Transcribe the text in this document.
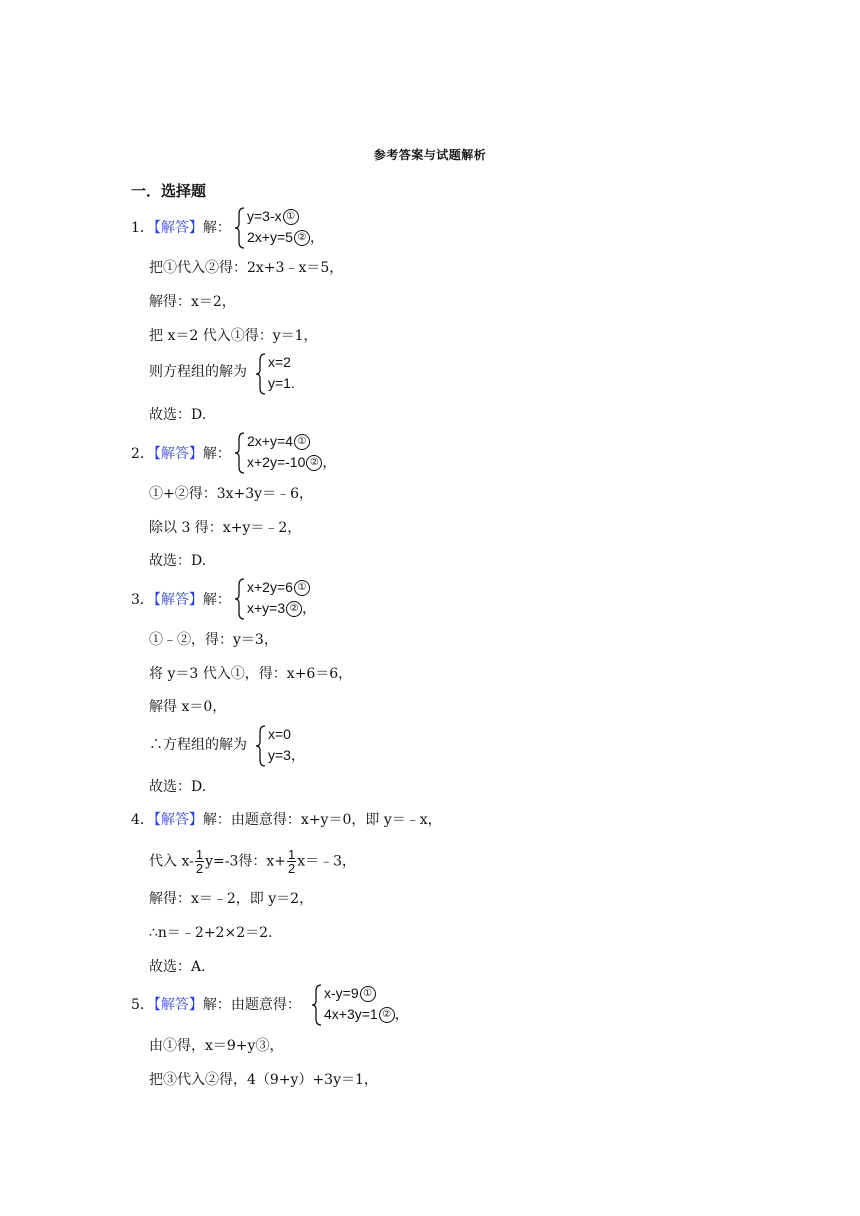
参考答案与试题解析
一．选择题
1．【解答】解：
y=3-x ①
2x+y=5 ② ，
把①代入②得：2x+3﹣x＝5，
解得：x＝2，
把 x＝2 代入①得：y＝1，
则方程组的解为
x=2
y=1.
故选：D.
2．【解答】解：
2x+y=4 ①
x+2y=-10 ② ，
①+②得：3x+3y＝﹣6，
除以 3 得：x+y＝﹣2，
故选：D.
3．【解答】解：
x+2y=6 ①
x+y=3 ② ，
①﹣②，得：y＝3，
将 y＝3 代入①，得：x+6＝6，
解得 x＝0，
∴方程组的解为
x=0
y=3，
故选：D.
4．【解答】解：由题意得：x+y＝0，即 y＝﹣x，
代入 $x- \frac{1}{2} y=-3$得：$x+ \frac{1}{2}$ x＝﹣3，
解得：x＝﹣2，即 y＝2，
∴n＝﹣2+2×2＝2.
故选：A.
5．【解答】解：由题意得：
x-y=9 ①
4x+3y=1 ② ，
由①得，x＝9+y③，
把③代入②得，4（9+y）+3y＝1，
